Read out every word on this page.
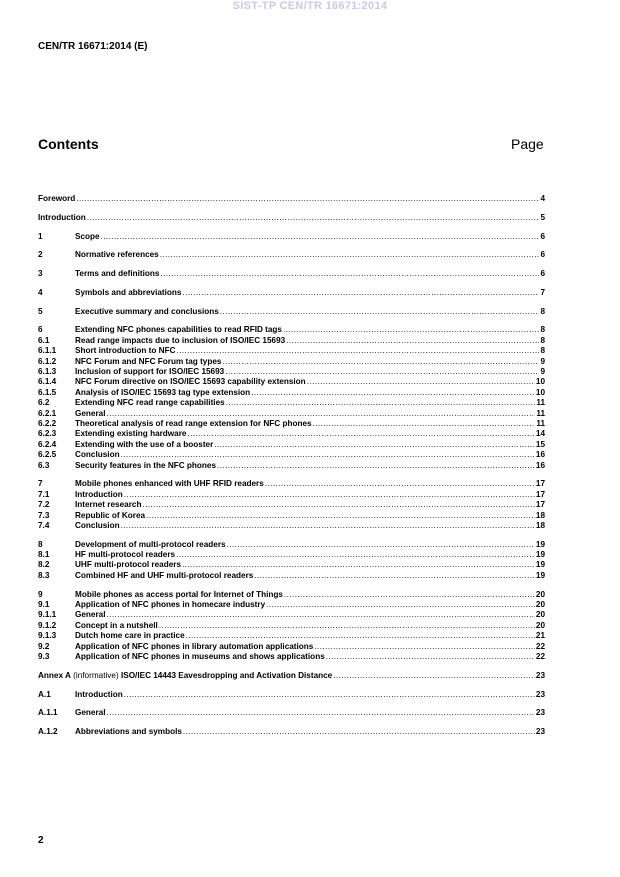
SIST-TP CEN/TR 16671:2014
CEN/TR 16671:2014 (E)
Contents	Page
Foreword .....	4
Introduction .....	5
1	Scope .....	6
2	Normative references .....	6
3	Terms and definitions .....	6
4	Symbols and abbreviations .....	7
5	Executive summary and conclusions .....	8
6	Extending NFC phones capabilities to read RFID tags .....	8
6.1	Read range impacts due to inclusion of ISO/IEC 15693 .....	8
6.1.1	Short introduction to NFC .....	8
6.1.2	NFC Forum and NFC Forum tag types .....	9
6.1.3	Inclusion of support for ISO/IEC 15693 .....	9
6.1.4	NFC Forum directive on ISO/IEC 15693 capability extension .....	10
6.1.5	Analysis of ISO/IEC 15693 tag type extension .....	10
6.2	Extending NFC read range capabilities .....	11
6.2.1	General .....	11
6.2.2	Theoretical analysis of read range extension for NFC phones .....	11
6.2.3	Extending existing hardware .....	14
6.2.4	Extending with the use of a booster .....	15
6.2.5	Conclusion .....	16
6.3	Security features in the NFC phones .....	16
7	Mobile phones enhanced with UHF RFID readers .....	17
7.1	Introduction .....	17
7.2	Internet research .....	17
7.3	Republic of Korea .....	18
7.4	Conclusion .....	18
8	Development of multi-protocol readers .....	19
8.1	HF multi-protocol readers .....	19
8.2	UHF multi-protocol readers .....	19
8.3	Combined HF and UHF multi-protocol readers .....	19
9	Mobile phones as access portal for Internet of Things .....	20
9.1	Application of NFC phones in homecare industry .....	20
9.1.1	General .....	20
9.1.2	Concept in a nutshell .....	20
9.1.3	Dutch home care in practice .....	21
9.2	Application of NFC phones in library automation applications .....	22
9.3	Application of NFC phones in museums and shows applications .....	22
Annex A (informative) ISO/IEC 14443 Eavesdropping and Activation Distance .....	23
A.1	Introduction .....	23
A.1.1	General .....	23
A.1.2	Abbreviations and symbols .....	23
2
